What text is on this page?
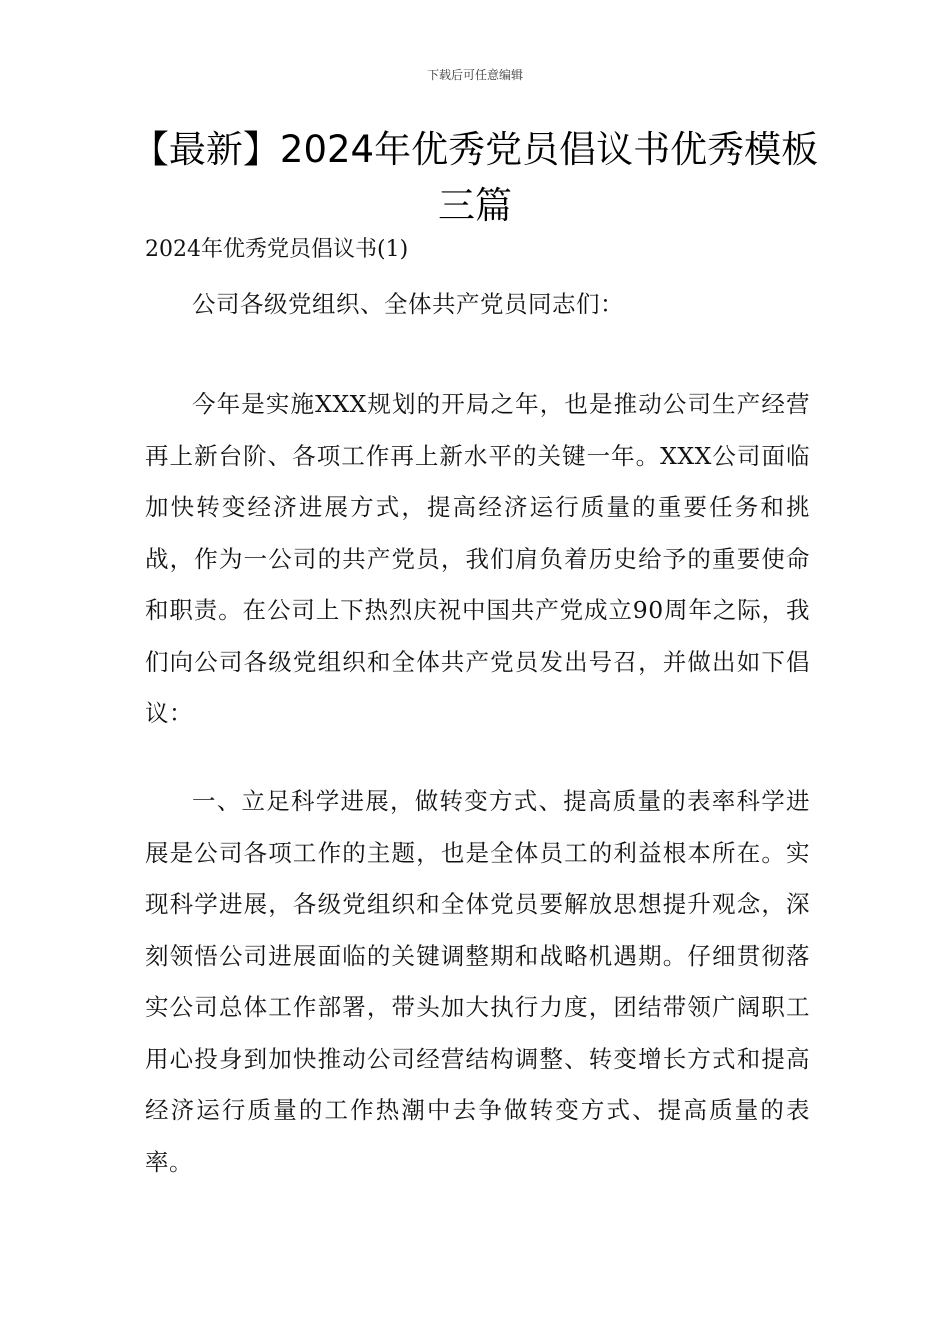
下载后可任意编辑
【最新】2024年优秀党员倡议书优秀模板三篇

2024年优秀党员倡议书(1)

公司各级党组织、全体共产党员同志们：

今年是实施XXX规划的开局之年，也是推动公司生产经营再上新台阶、各项工作再上新水平的关键一年。XXX公司面临加快转变经济进展方式，提高经济运行质量的重要任务和挑战，作为一公司的共产党员，我们肩负着历史给予的重要使命和职责。在公司上下热烈庆祝中国共产党成立90周年之际，我们向公司各级党组织和全体共产党员发出号召，并做出如下倡议：

一、立足科学进展，做转变方式、提高质量的表率科学进展是公司各项工作的主题，也是全体员工的利益根本所在。实现科学进展，各级党组织和全体党员要解放思想提升观念，深刻领悟公司进展面临的关键调整期和战略机遇期。仔细贯彻落实公司总体工作部署，带头加大执行力度，团结带领广阔职工用心投身到加快推动公司经营结构调整、转变增长方式和提高经济运行质量的工作热潮中去争做转变方式、提高质量的表率。
